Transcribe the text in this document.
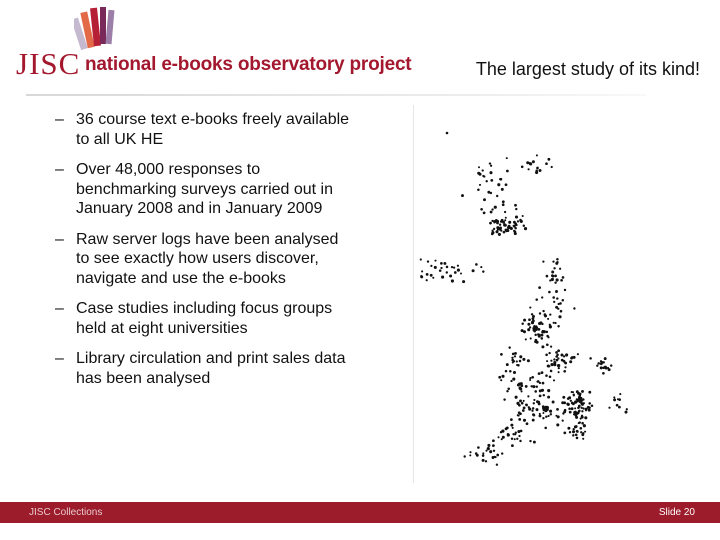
JISC national e-books observatory project	The largest study of its kind!
– 36 course text e-books freely available to all UK HE
– Over 48,000 responses to benchmarking surveys carried out in January 2008 and in January 2009
– Raw server logs have been analysed to see exactly how users discover, navigate and use the e-books
– Case studies including focus groups held at eight universities
– Library circulation and print sales data has been analysed
JISC Collections	Slide 20
